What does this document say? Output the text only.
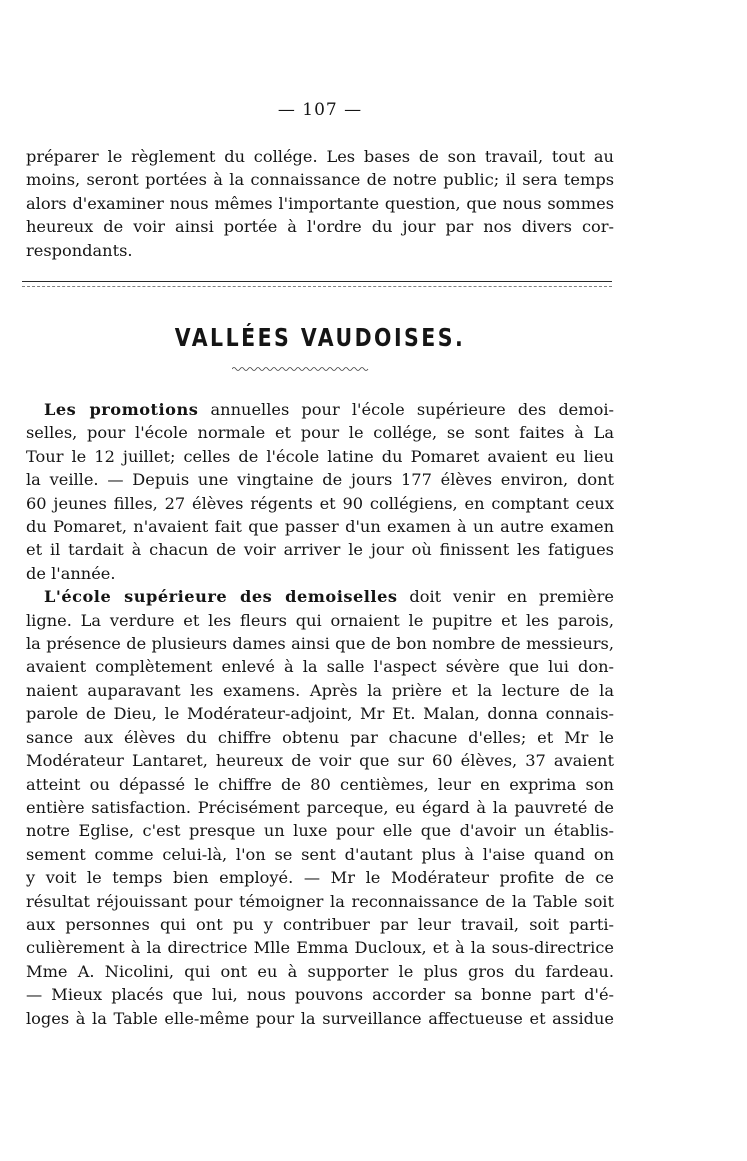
— 107 —
préparer le règlement du collége. Les bases de son travail, tout au
moins, seront portées à la connaissance de notre public; il sera temps
alors d'examiner nous mêmes l'importante question, que nous sommes
heureux de voir ainsi portée à l'ordre du jour par nos divers cor-
respondants.
VALLÉES VAUDOISES.
Les promotions annuelles pour l'école supérieure des demoi-
selles, pour l'école normale et pour le collége, se sont faites à La
Tour le 12 juillet; celles de l'école latine du Pomaret avaient eu lieu
la veille. — Depuis une vingtaine de jours 177 élèves environ, dont
60 jeunes filles, 27 élèves régents et 90 collégiens, en comptant ceux
du Pomaret, n'avaient fait que passer d'un examen à un autre examen
et il tardait à chacun de voir arriver le jour où finissent les fatigues
de l'année.
L'école supérieure des demoiselles doit venir en première
ligne. La verdure et les fleurs qui ornaient le pupitre et les parois,
la présence de plusieurs dames ainsi que de bon nombre de messieurs,
avaient complètement enlevé à la salle l'aspect sévère que lui don-
naient auparavant les examens. Après la prière et la lecture de la
parole de Dieu, le Modérateur-adjoint, Mr Et. Malan, donna connais-
sance aux élèves du chiffre obtenu par chacune d'elles; et Mr le
Modérateur Lantaret, heureux de voir que sur 60 élèves, 37 avaient
atteint ou dépassé le chiffre de 80 centièmes, leur en exprima son
entière satisfaction. Précisément parceque, eu égard à la pauvreté de
notre Eglise, c'est presque un luxe pour elle que d'avoir un établis-
sement comme celui-là, l'on se sent d'autant plus à l'aise quand on
y voit le temps bien employé. — Mr le Modérateur profite de ce
résultat réjouissant pour témoigner la reconnaissance de la Table soit
aux personnes qui ont pu y contribuer par leur travail, soit parti-
culièrement à la directrice Mlle Emma Ducloux, et à la sous-directrice
Mme A. Nicolini, qui ont eu à supporter le plus gros du fardeau.
— Mieux placés que lui, nous pouvons accorder sa bonne part d'é-
loges à la Table elle-même pour la surveillance affectueuse et assidue
